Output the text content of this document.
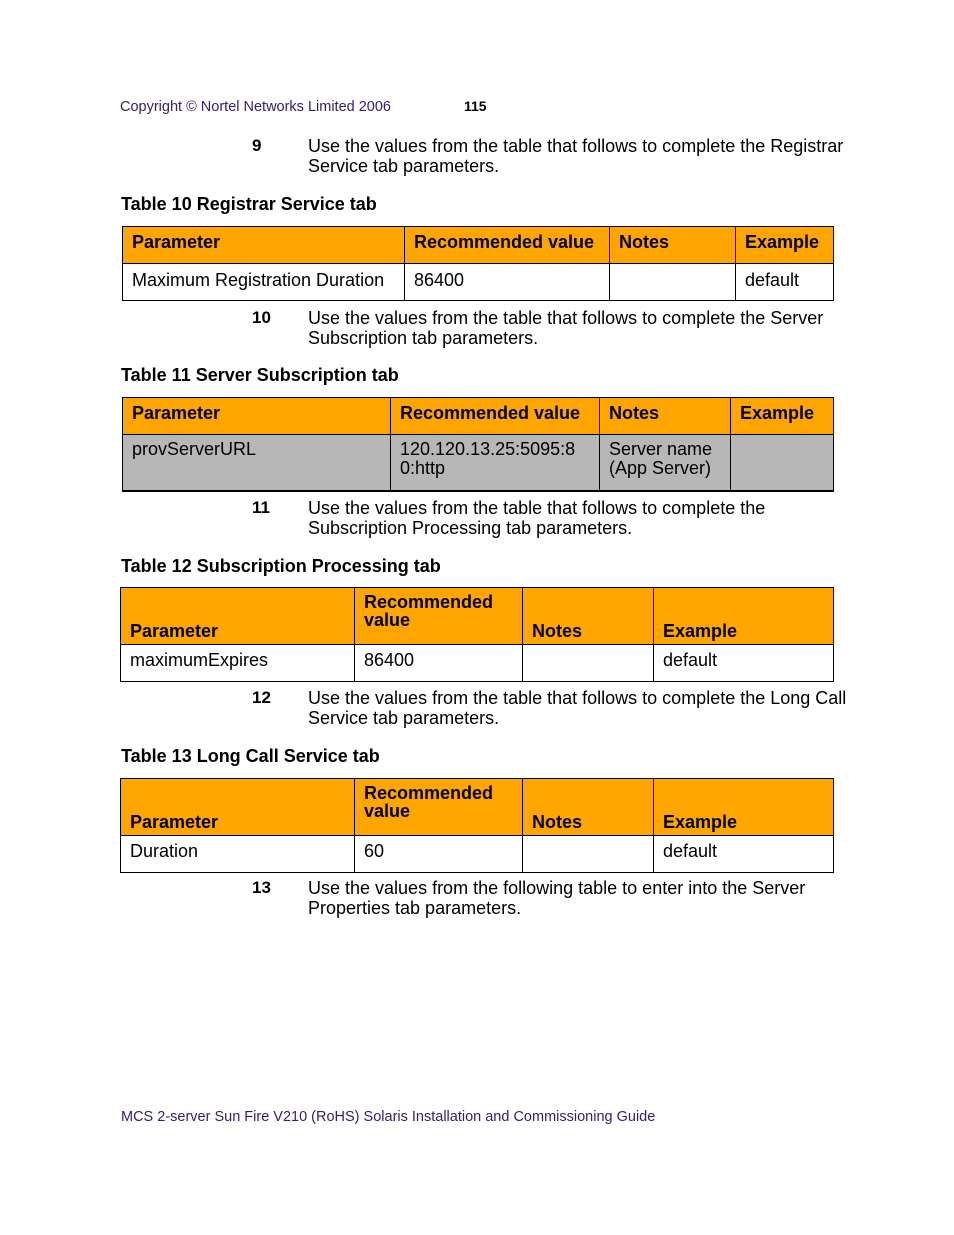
Copyright © Nortel Networks Limited 2006	115
9	Use the values from the table that follows to complete the Registrar Service tab parameters.
Table 10 Registrar Service tab
Parameter	Recommended value	Notes	Example
Maximum Registration Duration	86400		default
10 Use the values from the table that follows to complete the Server Subscription tab parameters.
Table 11 Server Subscription tab
Parameter	Recommended value	Notes	Example
provServerURL	120.120.13.25:5095:8 0:http	Server name (App Server)	
11 Use the values from the table that follows to complete the Subscription Processing tab parameters.
Table 12 Subscription Processing tab
Parameter	Recommended value	Notes	Example
maximumExpires	86400		default
12 Use the values from the table that follows to complete the Long Call Service tab parameters.
Table 13 Long Call Service tab
Parameter	Recommended value	Notes	Example
Duration	60		default
13 Use the values from the following table to enter into the Server Properties tab parameters.
MCS 2-server Sun Fire V210 (RoHS) Solaris Installation and Commissioning Guide
